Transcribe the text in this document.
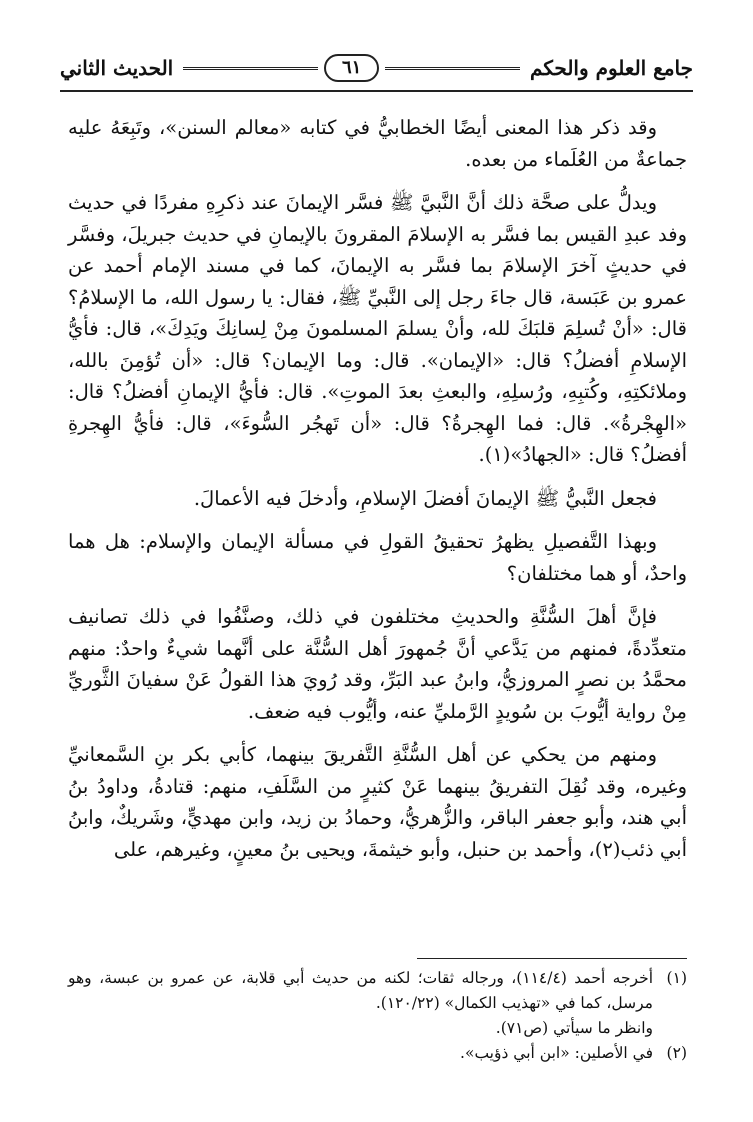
جامع العلوم والحكم
٦١
الحديث الثاني

وقد ذكر هذا المعنى أيضًا الخطابيُّ في كتابه «معالم السنن»، وتَبِعَهُ عليه جماعةٌ من العُلَماء من بعده.

ويدلُّ على صحَّة ذلك أنَّ النَّبيَّ ﷺ فسَّر الإيمانَ عند ذكرِهِ مفردًا في حديث وفد عبدِ القيس بما فسَّر به الإسلامَ المقرونَ بالإيمانِ في حديث جبريلَ، وفسَّر في حديثٍ آخرَ الإسلامَ بما فسَّر به الإيمانَ، كما في مسند الإمام أحمد عن عمرو بن عَبَسة، قال جاءَ رجل إلى النَّبيِّ ﷺ، فقال: يا رسول الله، ما الإسلامُ؟ قال: «أنْ تُسلِمَ قلبَكَ لله، وأنْ يسلمَ المسلمونَ مِنْ لِسانِكَ ويَدِكَ»، قال: فأيُّ الإسلامِ أفضلُ؟ قال: «الإيمان». قال: وما الإيمان؟ قال: «أن تُؤمِنَ بالله، وملائكتِهِ، وكُتبِهِ، ورُسلِهِ، والبعثِ بعدَ الموتِ». قال: فأيُّ الإيمانِ أفضلُ؟ قال: «الهِجْرةُ». قال: فما الهِجرةُ؟ قال: «أن تَهجُر السُّوءَ»، قال: فأيُّ الهِجرةِ أفضلُ؟ قال: «الجهادُ»(١).

فجعل النَّبيُّ ﷺ الإيمانَ أفضلَ الإسلامِ، وأدخلَ فيه الأعمالَ.

وبهذا التَّفصيلِ يظهرُ تحقيقُ القولِ في مسألة الإيمان والإسلام: هل هما واحدٌ، أو هما مختلفان؟

فإنَّ أهلَ السُّنَّةِ والحديثِ مختلفون في ذلك، وصنَّفُوا في ذلك تصانيف متعدِّدةً، فمنهم من يَدَّعي أنَّ جُمهورَ أهل السُّنَّة على أنَّهما شيءٌ واحدٌ: منهم محمَّدُ بن نصرٍ المروزيُّ، وابنُ عبد البَرِّ، وقد رُويَ هذا القولُ عَنْ سفيانَ الثَّوريِّ مِنْ رواية أيُّوبَ بن سُويدٍ الرَّمليِّ عنه، وأيُّوب فيه ضعف.

ومنهم من يحكي عن أهل السُّنَّةِ التَّفريقَ بينهما، كأبي بكر بنِ السَّمعانيِّ وغيره، وقد نُقِلَ التفريقُ بينهما عَنْ كثيرٍ من السَّلَفِ، منهم: قتادةُ، وداودُ بنُ أبي هند، وأبو جعفر الباقر، والزُّهريُّ، وحمادُ بن زيد، وابن مهديٍّ، وشَريكٌ، وابنُ أبي ذئب(٢)، وأحمد بن حنبل، وأبو خيثمةَ، ويحيى بنُ معينٍ، وغيرهم، على

(١)
أخرجه أحمد (١١٤/٤)، ورجاله ثقات؛ لكنه من حديث أبي قلابة، عن عمرو بن عبسة، وهو مرسل، كما في «تهذيب الكمال» (١٢٠/٢٢).

وانظر ما سيأتي (ص٧١).

(٢)
في الأصلين: «ابن أبي ذؤيب».
